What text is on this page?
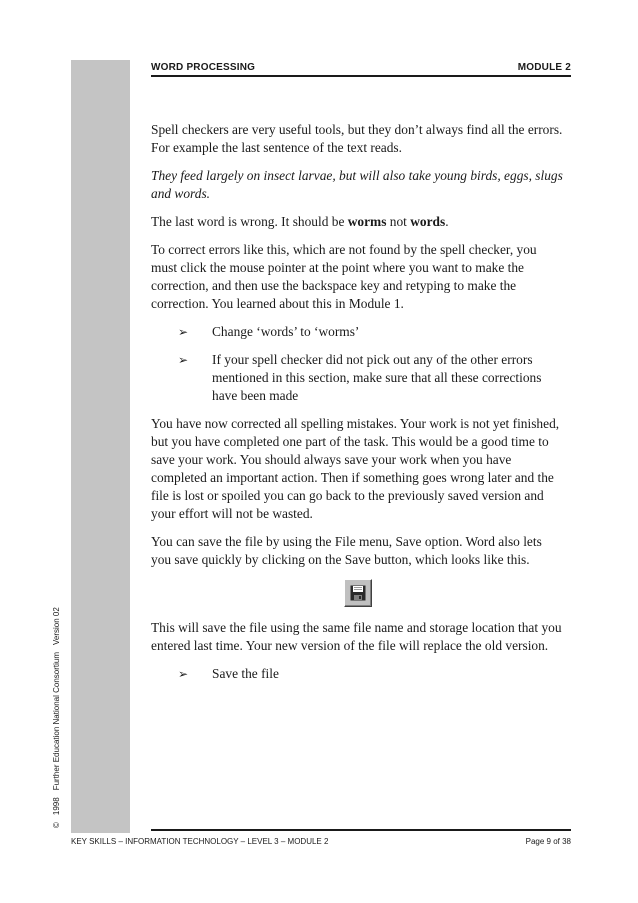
©1998Further Education National ConsortiumVersion 02
WORD PROCESSING	MODULE 2

Spell checkers are very useful tools, but they don’t always find all the errors. For example the last sentence of the text reads.

They feed largely on insect larvae, but will also take young birds, eggs, slugs and words.

The last word is wrong. It should be worms not words.

To correct errors like this, which are not found by the spell checker, you must click the mouse pointer at the point where you want to make the correction, and then use the backspace key and retyping to make the correction. You learned about this in Module 1.

➢	Change ‘words’ to ‘worms’
➢	If your spell checker did not pick out any of the other errors mentioned in this section, make sure that all these corrections have been made

You have now corrected all spelling mistakes. Your work is not yet finished, but you have completed one part of the task. This would be a good time to save your work. You should always save your work when you have completed an important action. Then if something goes wrong later and the file is lost or spoiled you can go back to the previously saved version and your effort will not be wasted.

You can save the file by using the File menu, Save option. Word also lets you save quickly by clicking on the Save button, which looks like this.

This will save the file using the same file name and storage location that you entered last time. Your new version of the file will replace the old version.

➢	Save the file
KEY SKILLS – INFORMATION TECHNOLOGY – LEVEL 3 – MODULE 2	Page 9 of 38
